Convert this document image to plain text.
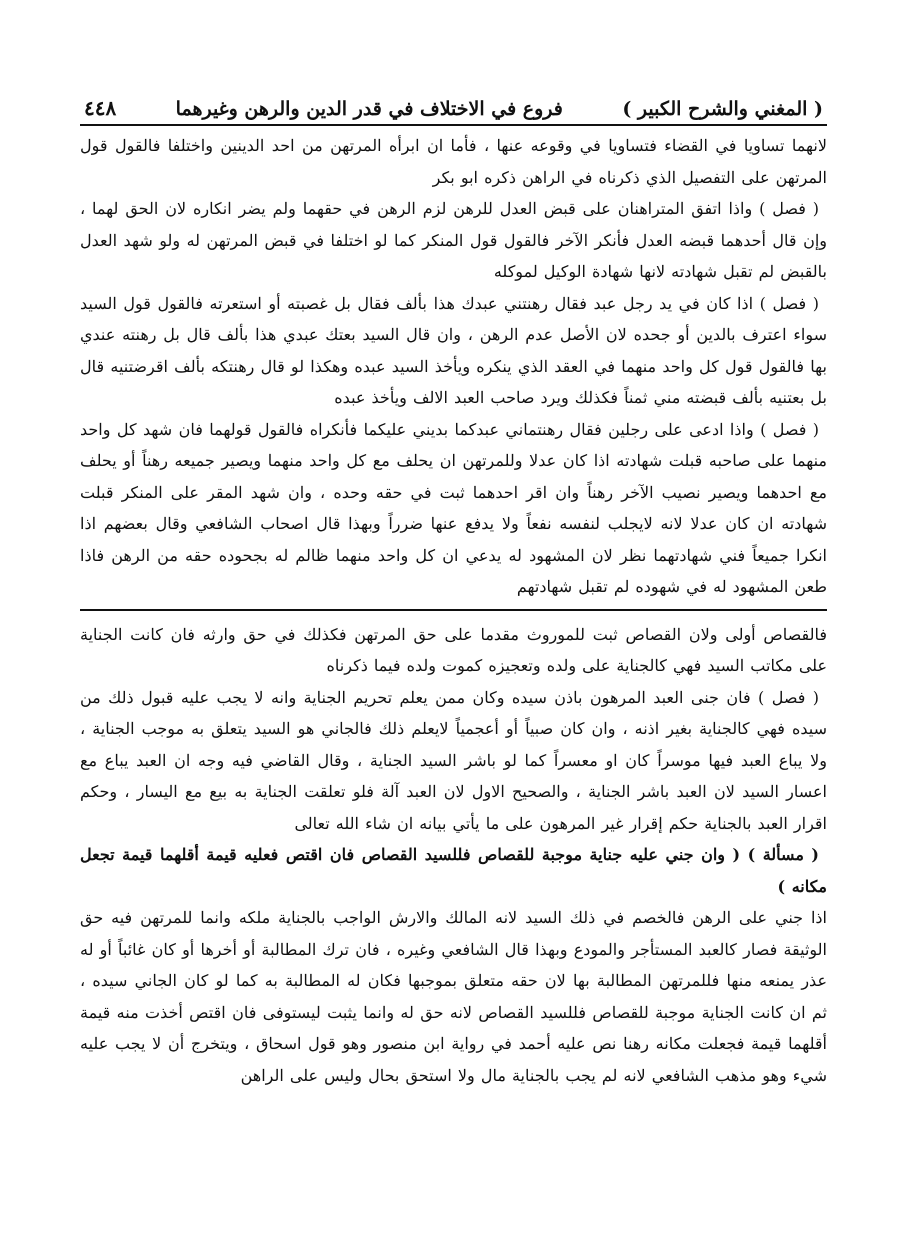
٤٤٨	فروع في الاختلاف في قدر الدين والرهن وغيرهما	( المغني والشرح الكبير )

لانهما تساويا في القضاء فتساويا في وقوعه عنها ، فأما ان ابرأه المرتهن من احد الدينين واختلفا فالقول قول المرتهن على التفصيل الذي ذكرناه في الراهن ذكره ابو بكر

( فصل ) واذا اتفق المتراهنان على قبض العدل للرهن لزم الرهن في حقهما ولم يضر انكاره لان الحق لهما ، وإن قال أحدهما قبضه العدل فأنكر الآخر فالقول قول المنكر كما لو اختلفا في قبض المرتهن له ولو شهد العدل بالقبض لم تقبل شهادته لانها شهادة الوكيل لموكله

( فصل ) اذا كان في يد رجل عبد فقال رهنتني عبدك هذا بألف فقال بل غصبته أو استعرته فالقول قول السيد سواء اعترف بالدين أو جحده لان الأصل عدم الرهن ، وان قال السيد بعتك عبدي هذا بألف قال بل رهنته عندي بها فالقول قول كل واحد منهما في العقد الذي ينكره ويأخذ السيد عبده وهكذا لو قال رهنتكه بألف اقرضتنيه قال بل بعتنيه بألف قبضته مني ثمناً فكذلك ويرد صاحب العبد الالف ويأخذ عبده

( فصل ) واذا ادعى على رجلين فقال رهنتماني عبدكما بديني عليكما فأنكراه فالقول قولهما فان شهد كل واحد منهما على صاحبه قبلت شهادته اذا كان عدلا وللمرتهن ان يحلف مع كل واحد منهما ويصير جميعه رهناً أو يحلف مع احدهما ويصير نصيب الآخر رهناً وان اقر احدهما ثبت في حقه وحده ، وان شهد المقر على المنكر قبلت شهادته ان كان عدلا لانه لايجلب لنفسه نفعاً ولا يدفع عنها ضرراً وبهذا قال اصحاب الشافعي وقال بعضهم اذا انكرا جميعاً فني شهادتهما نظر لان المشهود له يدعي ان كل واحد منهما ظالم له بجحوده حقه من الرهن فاذا طعن المشهود له في شهوده لم تقبل شهادتهم

فالقصاص أولى ولان القصاص ثبت للموروث مقدما على حق المرتهن فكذلك في حق وارثه فان كانت الجناية على مكاتب السيد فهي كالجناية على ولده وتعجيزه كموت ولده فيما ذكرناه

( فصل ) فان جنى العبد المرهون باذن سيده وكان ممن يعلم تحريم الجناية وانه لا يجب عليه قبول ذلك من سيده فهي كالجناية بغير اذنه ، وان كان صبياً أو أعجمياً لايعلم ذلك فالجاني هو السيد يتعلق به موجب الجناية ، ولا يباع العبد فيها موسراً كان او معسراً كما لو باشر السيد الجناية ، وقال القاضي فيه وجه ان العبد يباع مع اعسار السيد لان العبد باشر الجناية ، والصحيح الاول لان العبد آلة فلو تعلقت الجناية به بيع مع اليسار ، وحكم اقرار العبد بالجناية حكم إقرار غير المرهون على ما يأتي بيانه ان شاء الله تعالى

( مسألة ) ( وان جني عليه جناية موجبة للقصاص فللسيد القصاص فان اقتص فعليه قيمة أقلهما قيمة تجعل مكانه )

اذا جني على الرهن فالخصم في ذلك السيد لانه المالك والارش الواجب بالجناية ملكه وانما للمرتهن فيه حق الوثيقة فصار كالعبد المستأجر والمودع وبهذا قال الشافعي وغيره ، فان ترك المطالبة أو أخرها أو كان غائباً أو له عذر يمنعه منها فللمرتهن المطالبة بها لان حقه متعلق بموجبها فكان له المطالبة به كما لو كان الجاني سيده ، ثم ان كانت الجناية موجبة للقصاص فللسيد القصاص لانه حق له وانما يثبت ليستوفى فان اقتص أخذت منه قيمة أقلهما قيمة فجعلت مكانه رهنا نص عليه أحمد في رواية ابن منصور وهو قول اسحاق ، ويتخرج أن لا يجب عليه شيء وهو مذهب الشافعي لانه لم يجب بالجناية مال ولا استحق بحال وليس على الراهن
